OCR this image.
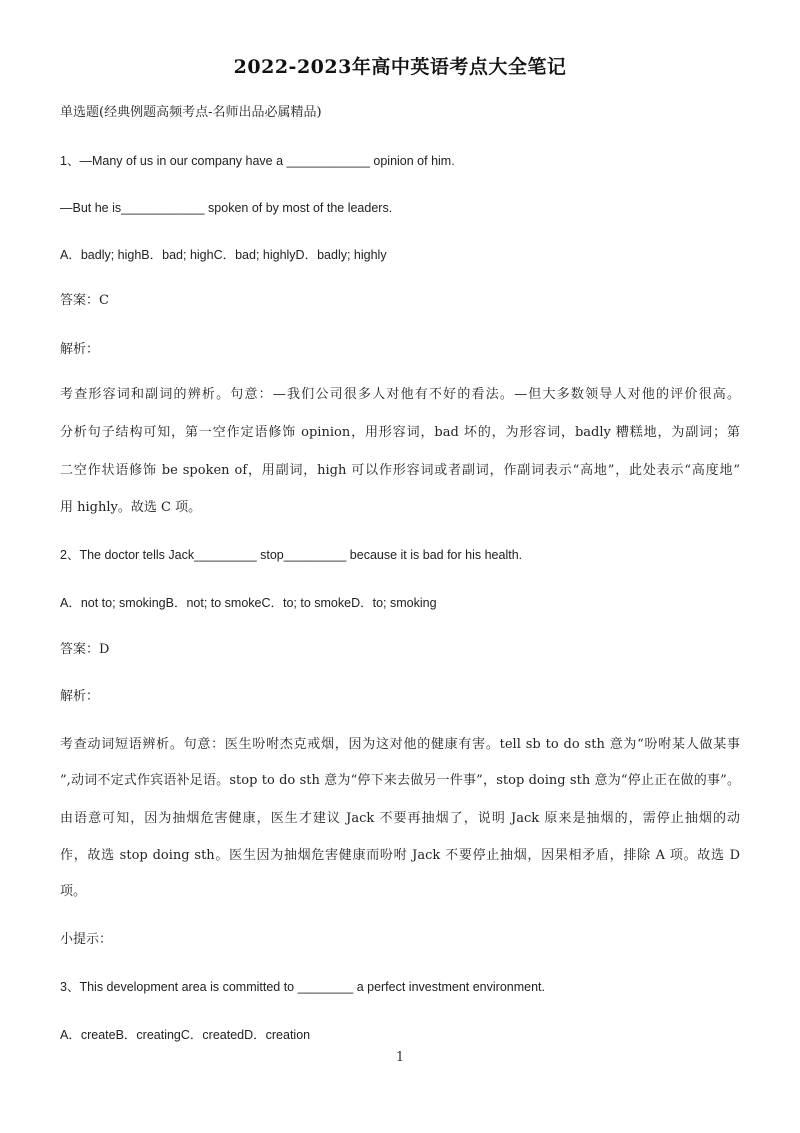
2022-2023年高中英语考点大全笔记
单选题(经典例题高频考点-名师出品必属精品)
1、—Many of us in our company have a ____________ opinion of him.
—But he is____________ spoken of by most of the leaders.
A．badly; highB．bad; highC．bad; highlyD．badly; highly
答案：C
解析：
考查形容词和副词的辨析。句意：—我们公司很多人对他有不好的看法。—但大多数领导人对他的评价很高。
分析句子结构可知，第一空作定语修饰 opinion，用形容词，bad 坏的，为形容词，badly 糟糕地，为副词；第
二空作状语修饰 be spoken of，用副词，high 可以作形容词或者副词，作副词表示“高地”，此处表示“高度地”
用 highly。故选 C 项。
2、The doctor tells Jack_________ stop_________ because it is bad for his health.
A．not to; smokingB．not; to smokeC．to; to smokeD．to; smoking
答案：D
解析：
考查动词短语辨析。句意：医生吩咐杰克戒烟，因为这对他的健康有害。tell sb to do sth 意为“吩咐某人做某事
”,动词不定式作宾语补足语。stop to do sth 意为“停下来去做另一件事”，stop doing sth 意为“停止正在做的事”。
由语意可知，因为抽烟危害健康，医生才建议 Jack 不要再抽烟了，说明 Jack 原来是抽烟的，需停止抽烟的动
作，故选 stop doing sth。医生因为抽烟危害健康而吩咐 Jack 不要停止抽烟，因果相矛盾，排除 A 项。故选 D
项。
小提示：
3、This development area is committed to ________ a perfect investment environment.
A．createB．creatingC．createdD．creation
1
